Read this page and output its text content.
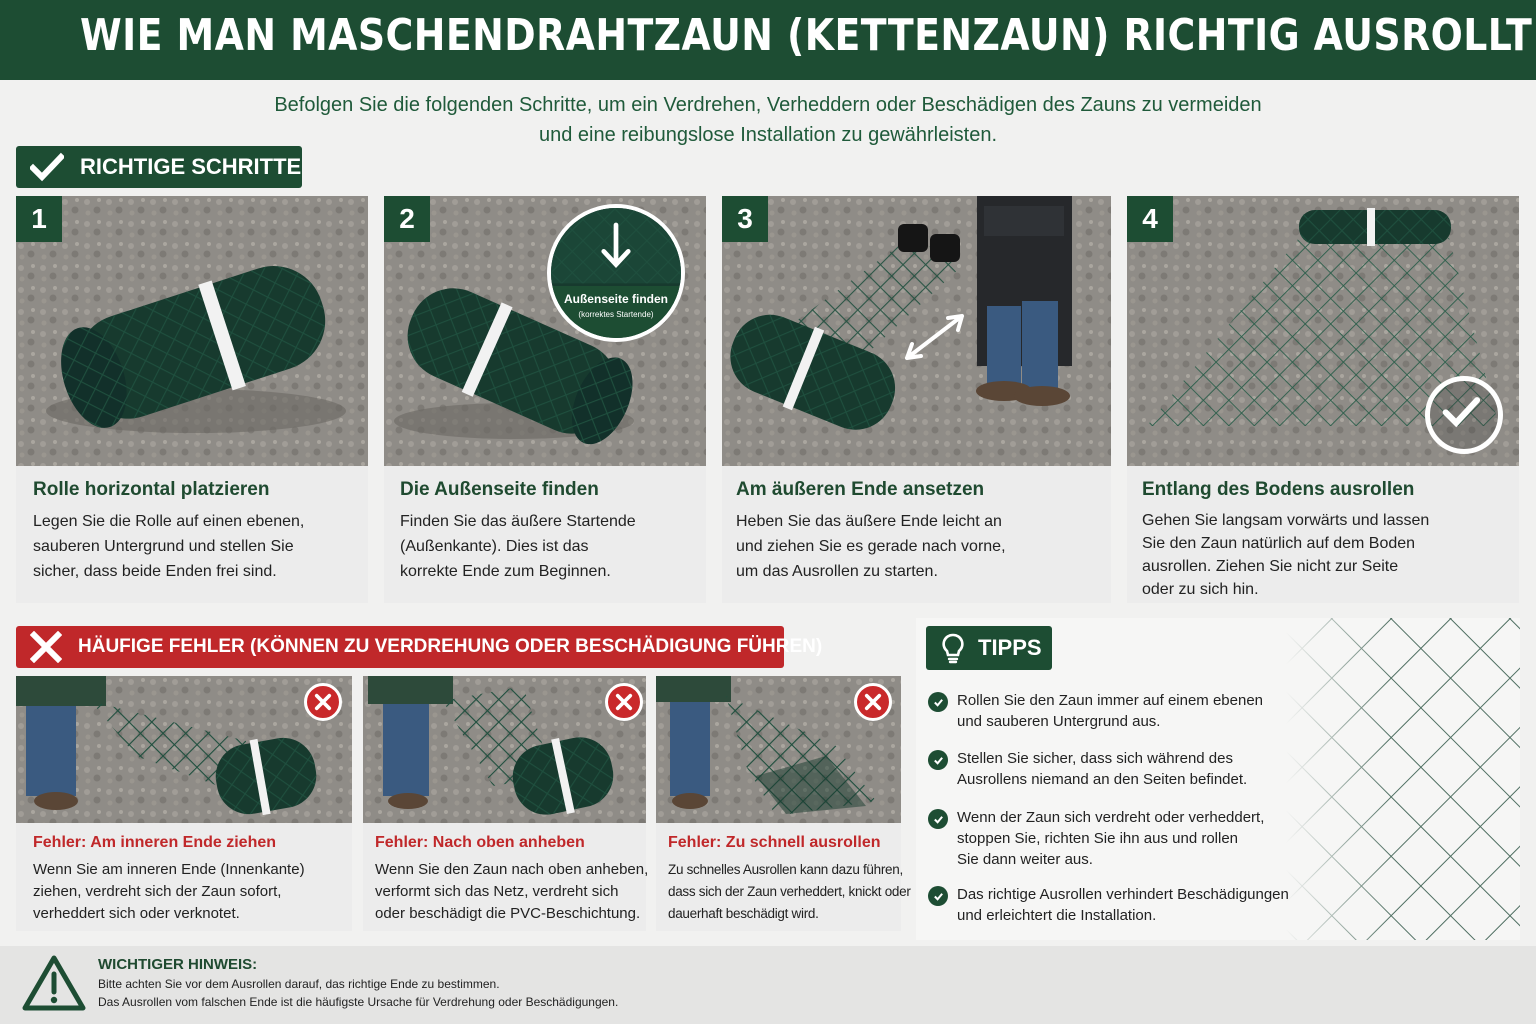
WIE MAN MASCHENDRAHTZAUN (KETTENZAUN) RICHTIG AUSROLLT
Befolgen Sie die folgenden Schritte, um ein Verdrehen, Verheddern oder Beschädigen des Zauns zu vermeiden
und eine reibungslose Installation zu gewährleisten.
RICHTIGE SCHRITTE
1
Rolle horizontal platzieren
Legen Sie die Rolle auf einen ebenen,
sauberen Untergrund und stellen Sie
sicher, dass beide Enden frei sind.
2
Außenseite finden
(korrektes Startende)
Die Außenseite finden
Finden Sie das äußere Startende
(Außenkante). Dies ist das
korrekte Ende zum Beginnen.
3
Am äußeren Ende ansetzen
Heben Sie das äußere Ende leicht an
und ziehen Sie es gerade nach vorne,
um das Ausrollen zu starten.
4
Entlang des Bodens ausrollen
Gehen Sie langsam vorwärts und lassen
Sie den Zaun natürlich auf dem Boden
ausrollen. Ziehen Sie nicht zur Seite
oder zu sich hin.
HÄUFIGE FEHLER (KÖNNEN ZU VERDREHUNG ODER BESCHÄDIGUNG FÜHREN)
Fehler: Am inneren Ende ziehen
Wenn Sie am inneren Ende (Innenkante)
ziehen, verdreht sich der Zaun sofort,
verheddert sich oder verknotet.
Fehler: Nach oben anheben
Wenn Sie den Zaun nach oben anheben,
verformt sich das Netz, verdreht sich
oder beschädigt die PVC-Beschichtung.
Fehler: Zu schnell ausrollen
Zu schnelles Ausrollen kann dazu führen,
dass sich der Zaun verheddert, knickt oder
dauerhaft beschädigt wird.
TIPPS
Rollen Sie den Zaun immer auf einem ebenen
und sauberen Untergrund aus.
Stellen Sie sicher, dass sich während des
Ausrollens niemand an den Seiten befindet.
Wenn der Zaun sich verdreht oder verheddert,
stoppen Sie, richten Sie ihn aus und rollen
Sie dann weiter aus.
Das richtige Ausrollen verhindert Beschädigungen
und erleichtert die Installation.
WICHTIGER HINWEIS:
Bitte achten Sie vor dem Ausrollen darauf, das richtige Ende zu bestimmen.
Das Ausrollen vom falschen Ende ist die häufigste Ursache für Verdrehung oder Beschädigungen.
